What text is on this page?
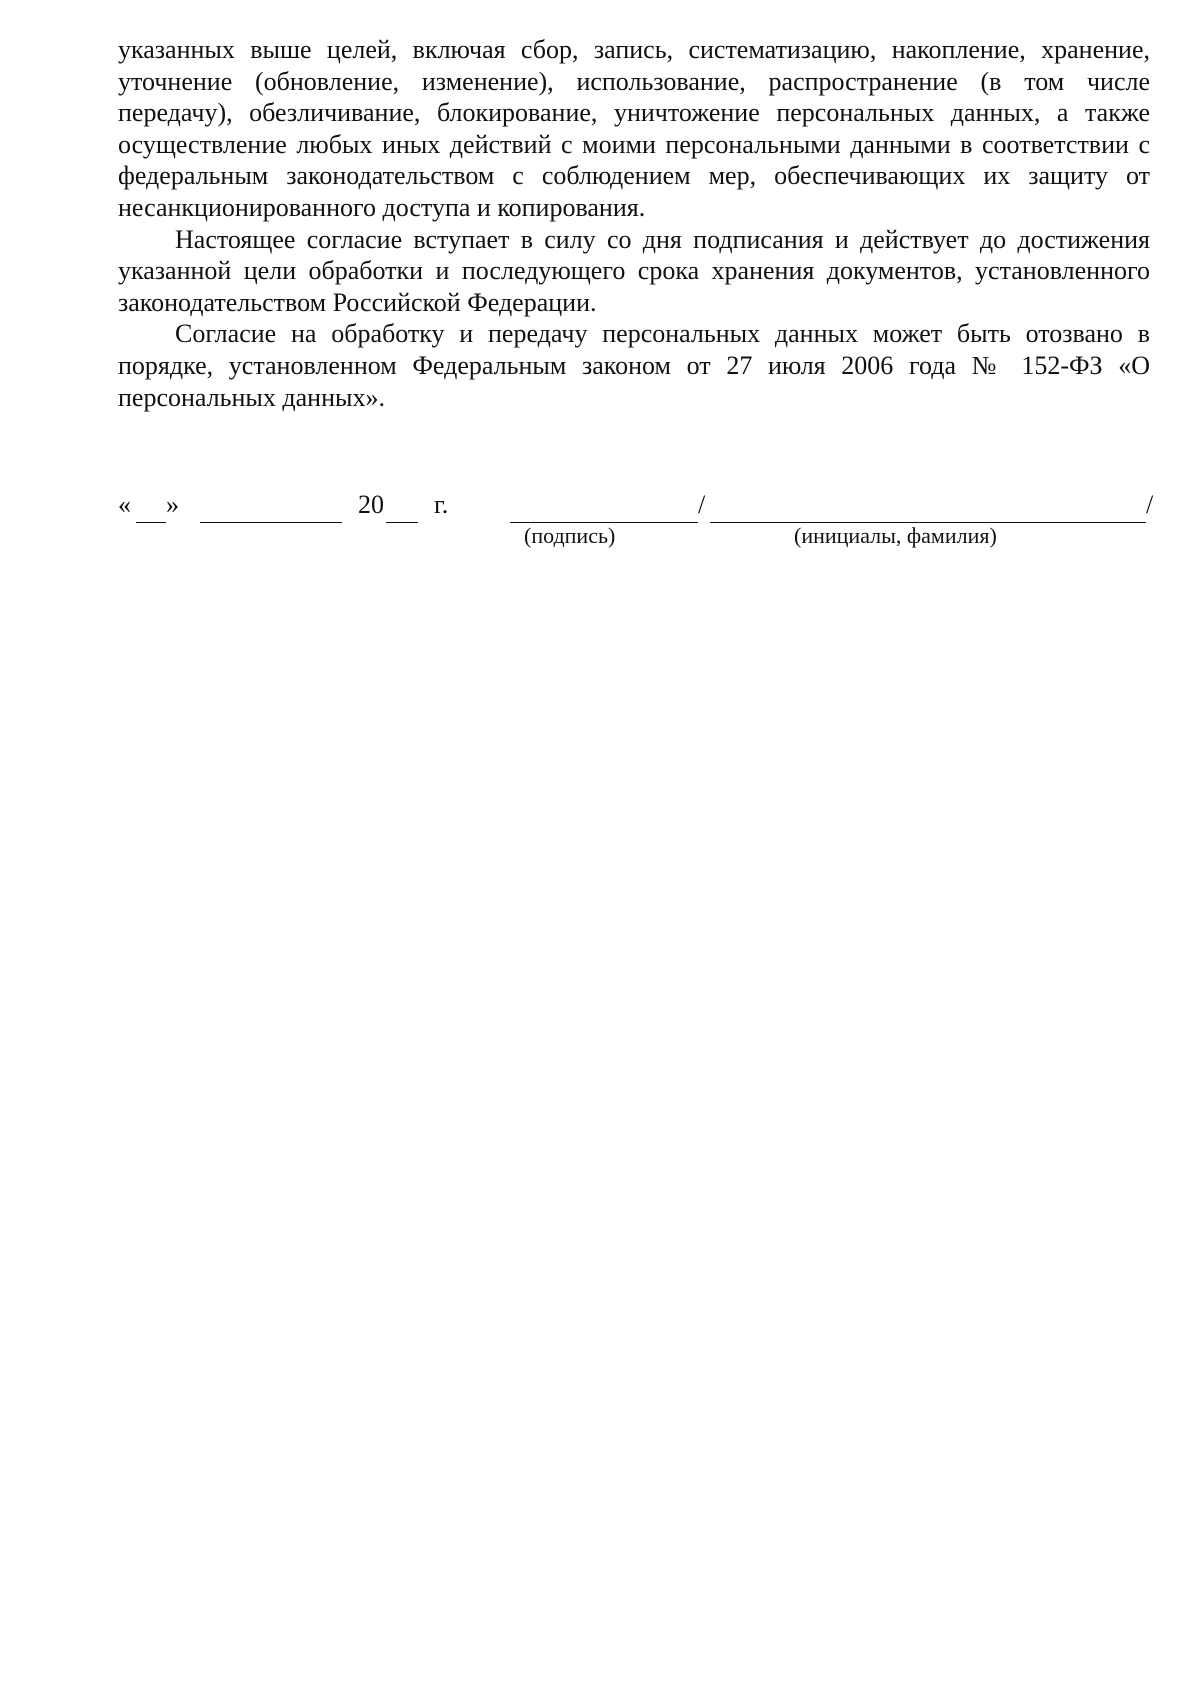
указанных выше целей, включая сбор, запись, систематизацию, накопление, хранение, уточнение (обновление, изменение), использование, распространение (в том числе передачу), обезличивание, блокирование, уничтожение персональных данных, а также осуществление любых иных действий с моими персональными данными в соответствии с федеральным законодательством с соблюдением мер, обеспечивающих их защиту от несанкционированного доступа и копирования.

Настоящее согласие вступает в силу со дня подписания и действует до достижения указанной цели обработки и последующего срока хранения документов, установленного законодательством Российской Федерации.

Согласие на обработку и передачу персональных данных может быть отозвано в порядке, установленном Федеральным законом от 27 июля 2006 года № 152-ФЗ «О персональных данных».

« »	20 г.	/	/
(подпись)	(инициалы, фамилия)
